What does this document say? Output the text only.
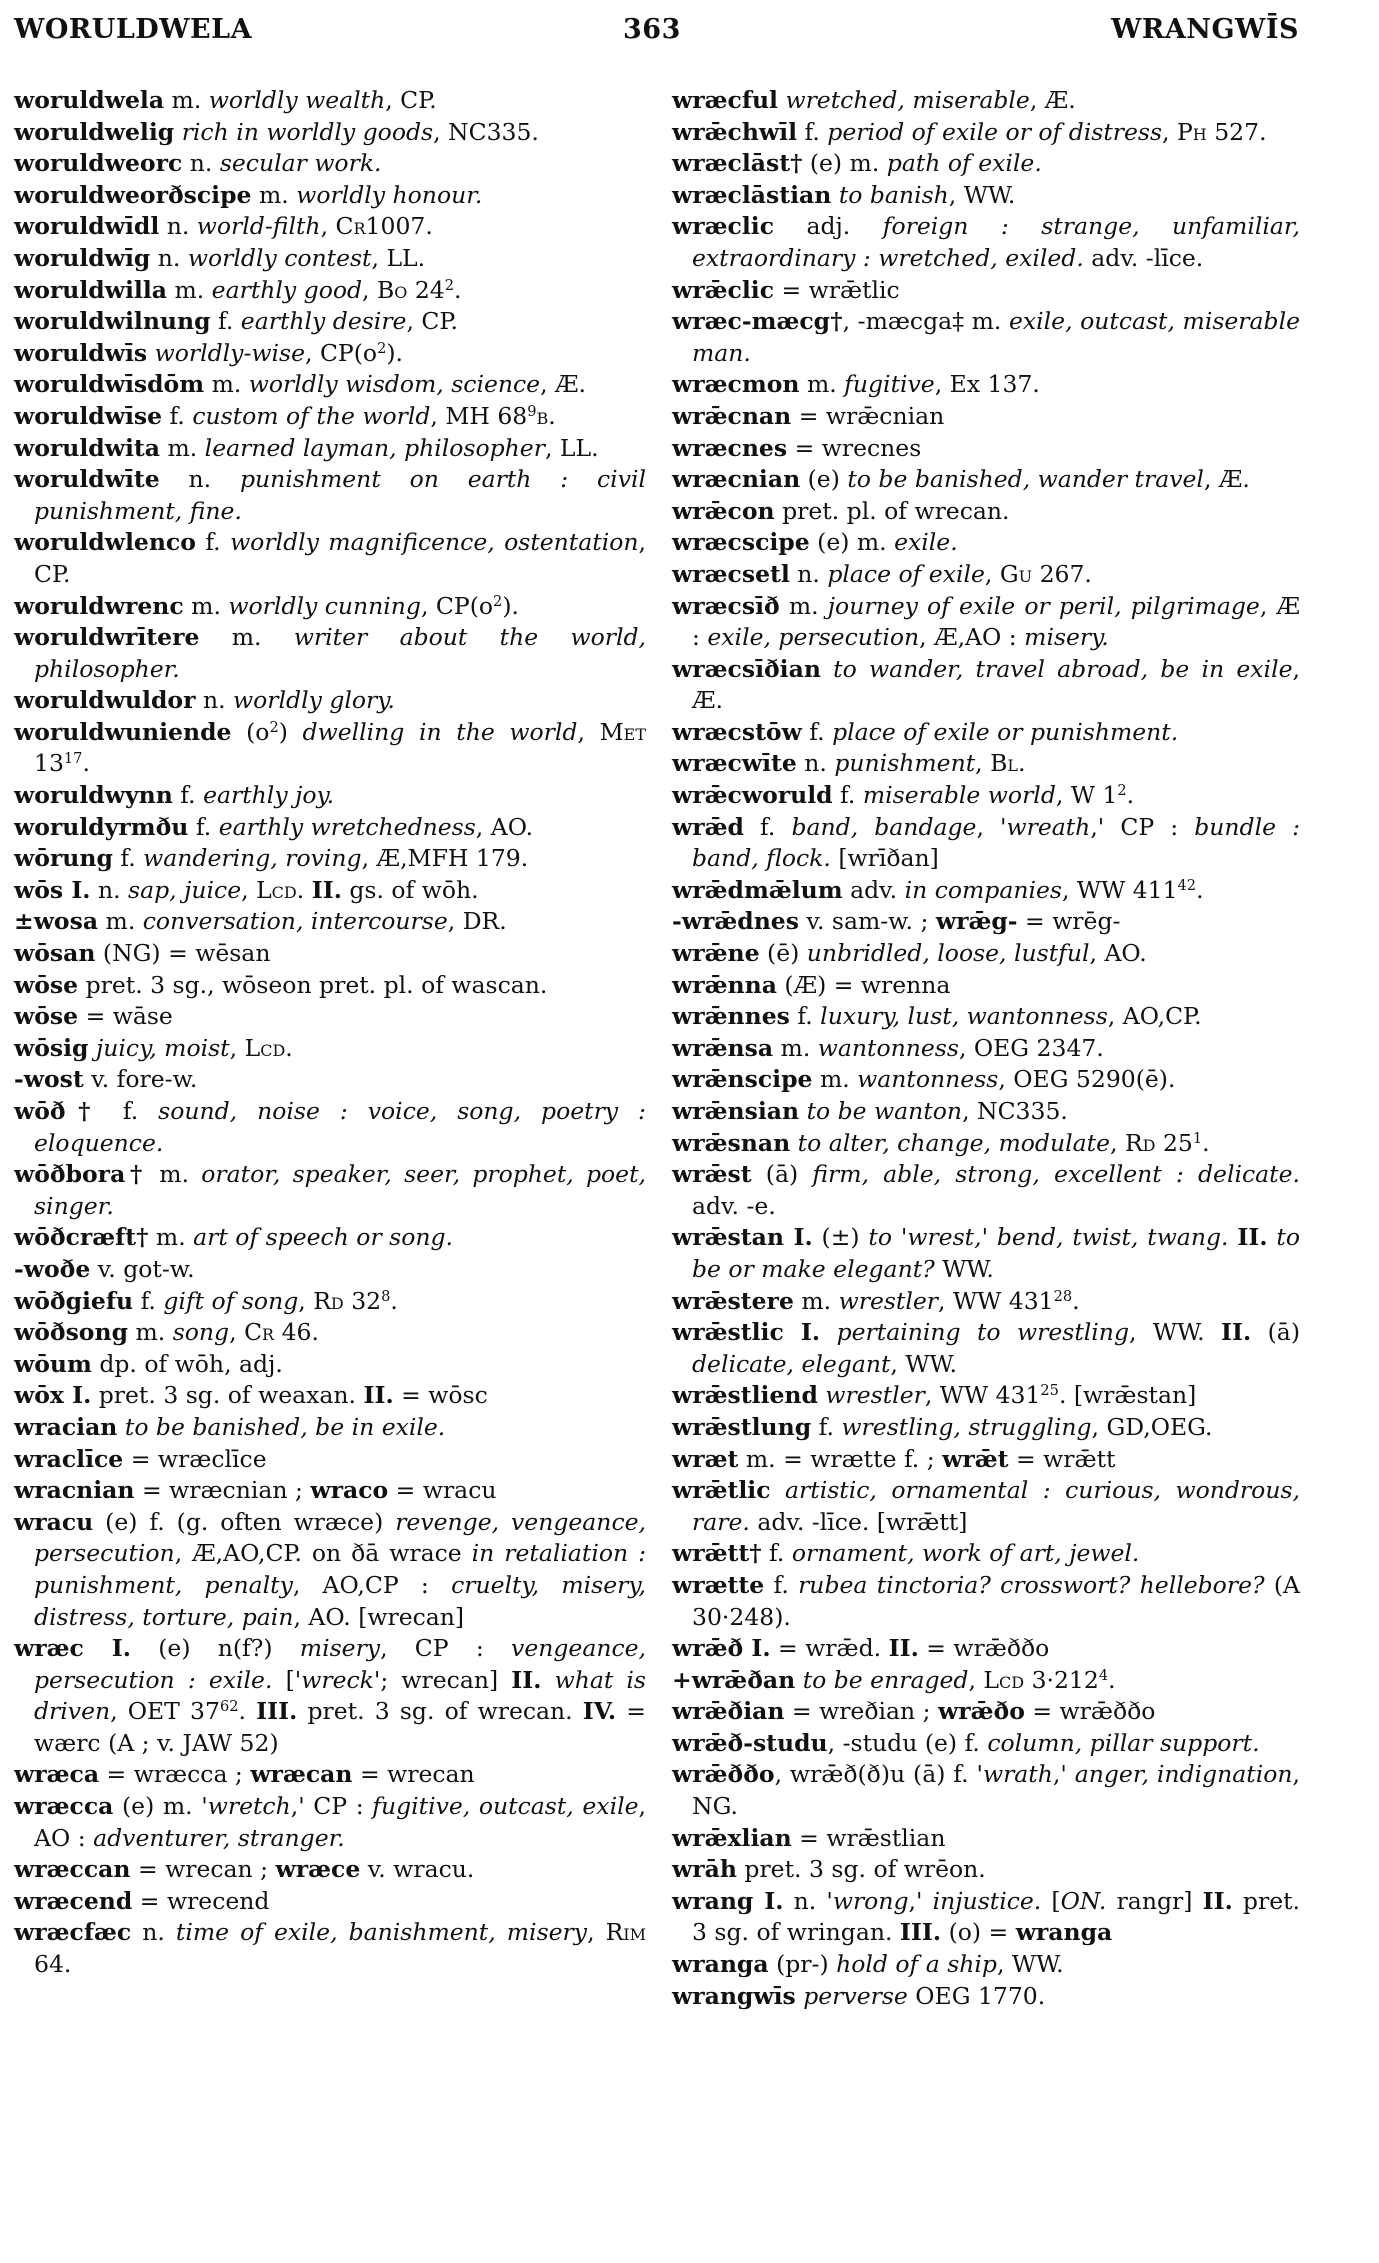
WORULDWELA	363	WRANGWĪS
woruldwela m. worldly wealth, CP.
woruldwelig rich in worldly goods, NC335.
woruldweorc n. secular work.
woruldweorðscipe m. worldly honour.
woruldwīdl n. world-filth, Cr1007.
woruldwīg n. worldly contest, LL.
woruldwilla m. earthly good, Bo $24^2$.
woruldwilnung f. earthly desire, CP.
woruldwīs worldly-wise, $CP(o^2)$.
woruldwīsdōm m. worldly wisdom, science, Æ.
woruldwīse f. custom of the world, MH $68^9b$.
woruldwita m. learned layman, philosopher, LL.
woruldwīte n. punishment on earth : civil punishment, fine.
woruldwlenco f. worldly magnificence, ostentation, CP.
woruldwrenc m. worldly cunning, $CP(o^2)$.
woruldwrītere m. writer about the world, philosopher.
woruldwuldor n. worldly glory.
woruldwuniende $(o^2)$ dwelling in the world, Met $13^{17}$.
woruldwynn f. earthly joy.
woruldyrmðu f. earthly wretchedness, AO.
wōrung f. wandering, roving, Æ,MFH 179.
wōs I. n. sap, juice, Lcd. II. gs. of wōh.
±wosa m. conversation, intercourse, DR.
wōsan (NG) = wēsan
wōse pret. 3 sg., wōseon pret. pl. of wascan.
wōse = wāse
wōsig juicy, moist, Lcd.
-wost v. fore-w.
wōð† f. sound, noise : voice, song, poetry : eloquence.
wōðbora† m. orator, speaker, seer, prophet, poet, singer.
wōðcræft† m. art of speech or song.
-woðe v. got-w.
wōðgiefu f. gift of song, Rd $32^8$.
wōðsong m. song, Cr 46.
wōum dp. of wōh, adj.
wōx I. pret. 3 sg. of weaxan. II. = wōsc
wracian to be banished, be in exile.
wraclīce = wræclīce
wracnian = wræcnian ; wraco = wracu
wracu (e) f. (g. often wræce) revenge, vengeance, persecution, Æ,AO,CP. on ðā wrace in retaliation : punishment, penalty, AO,CP : cruelty, misery, distress, torture, pain, AO. [wrecan]
wræc I. (e) n(f?) misery, CP : vengeance, persecution : exile. ['wreck'; wrecan] II. what is driven, OET $37^{62}$. III. pret. 3 sg. of wrecan. IV. = wærc (A ; v. JAW 52)
wræca = wræcca ; wræcan = wrecan
wræcca (e) m. 'wretch,' CP : fugitive, outcast, exile, AO : adventurer, stranger.
wræccan = wrecan ; wræce v. wracu.
wræcend = wrecend
wræcfæc n. time of exile, banishment, misery, Rim 64.
wræcful wretched, miserable, Æ.
wrǣchwīl f. period of exile or of distress, Ph 527.
wræclāst† (e) m. path of exile.
wræclāstian to banish, WW.
wræclic adj. foreign : strange, unfamiliar, extraordinary : wretched, exiled. adv. -līce.
wrǣclic = wrǣtlic
wræc-mæcg†, -mæcga‡ m. exile, outcast, miserable man.
wræcmon m. fugitive, Ex 137.
wrǣcnan = wrǣcnian
wræcnes = wrecnes
wræcnian (e) to be banished, wander travel, Æ.
wrǣcon pret. pl. of wrecan.
wræcscipe (e) m. exile.
wræcsetl n. place of exile, Gu 267.
wræcsīð m. journey of exile or peril, pilgrimage, Æ : exile, persecution, Æ,AO : misery.
wræcsīðian to wander, travel abroad, be in exile, Æ.
wræcstōw f. place of exile or punishment.
wræcwīte n. punishment, Bl.
wrǣcworuld f. miserable world, W $1^2$.
wrǣd f. band, bandage, 'wreath,' CP : bundle : band, flock. [wrīðan]
wrǣdmǣlum adv. in companies, WW $411^{42}$.
-wrǣdnes v. sam-w. ; wrǣg- = wrēg-
wrǣne (ē) unbridled, loose, lustful, AO.
wrǣnna (Æ) = wrenna
wrǣnnes f. luxury, lust, wantonness, AO,CP.
wrǣnsa m. wantonness, OEG 2347.
wrǣnscipe m. wantonness, OEG 5290(ē).
wrǣnsian to be wanton, NC335.
wrǣsnan to alter, change, modulate, Rd $25^1$.
wrǣst (ā) firm, able, strong, excellent : delicate. adv. -e.
wrǣstan I. (±) to 'wrest,' bend, twist, twang. II. to be or make elegant? WW.
wrǣstere m. wrestler, WW $431^{28}$.
wrǣstlic I. pertaining to wrestling, WW. II. (ā) delicate, elegant, WW.
wrǣstliend wrestler, WW $431^{25}$. [wrǣstan]
wrǣstlung f. wrestling, struggling, GD,OEG.
wræt m. = wrætte f. ; wrǣt = wrǣtt
wrǣtlic artistic, ornamental : curious, wondrous, rare. adv. -līce. [wrǣtt]
wrǣtt† f. ornament, work of art, jewel.
wrætte f. rubea tinctoria? crosswort? hellebore? (A 30·248).
wrǣð I. = wrǣd. II. = wrǣððo
+wrǣðan to be enraged, Lcd $3\cdot 212^4$.
wrǣðian = wreðian ; wrǣðo = wrǣððo
wrǣð-studu, -studu (e) f. column, pillar support.
wrǣððo, wrǣð(ð)u (ā) f. 'wrath,' anger, indignation, NG.
wrǣxlian = wrǣstlian
wrāh pret. 3 sg. of wrēon.
wrang I. n. 'wrong,' injustice. [ON. rangr] II. pret. 3 sg. of wringan. III. (o) = wranga
wranga (pr-) hold of a ship, WW.
wrangwīs perverse OEG 1770.
